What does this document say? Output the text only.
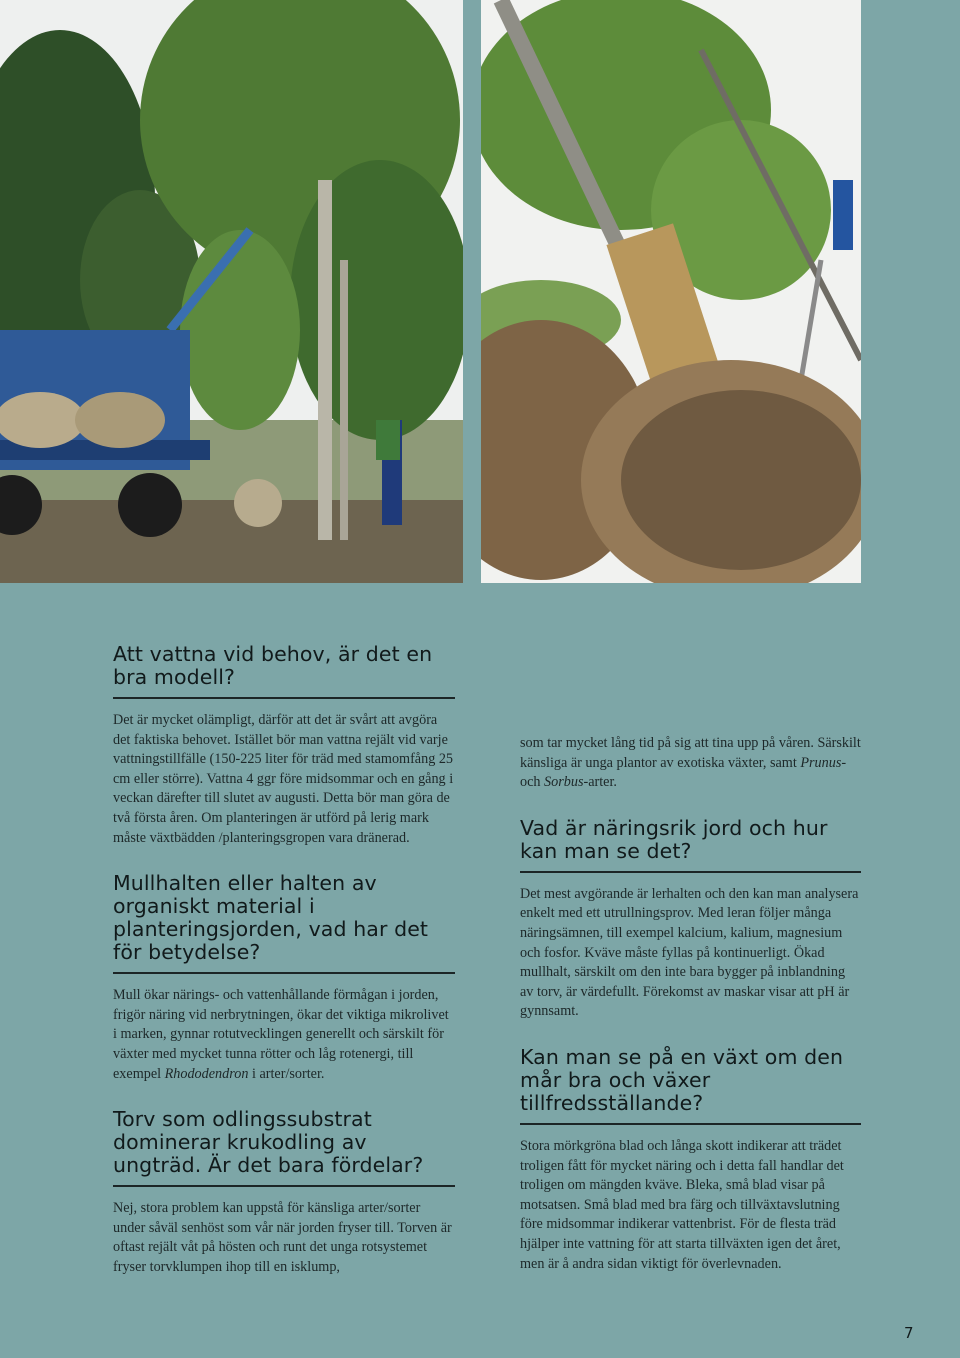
Att vattna vid behov, är det en bra modell?

Det är mycket olämpligt, därför att det är svårt att avgöra det faktiska behovet. Istället bör man vattna rejält vid varje vattningstillfälle (150-225 liter för träd med stamomfång 25 cm eller större). Vattna 4 ggr före midsommar och en gång i veckan därefter till slutet av augusti. Detta bör man göra de två första åren. Om planteringen är utförd på lerig mark måste växtbädden /planteringsgropen vara dränerad.

Mullhalten eller halten av organiskt material i planteringsjorden, vad har det för betydelse?

Mull ökar närings- och vattenhållande förmågan i jorden, frigör näring vid nerbrytningen, ökar det viktiga mikrolivet i marken, gynnar rotutvecklingen generellt och särskilt för växter med mycket tunna rötter och låg rotenergi, till exempel Rhododendron i arter/sorter.

Torv som odlingssubstrat dominerar krukodling av ungträd. Är det bara fördelar?

Nej, stora problem kan uppstå för känsliga arter/sorter under såväl senhöst som vår när jorden fryser till. Torven är oftast rejält våt på hösten och runt det unga rotsystemet fryser torvklumpen ihop till en isklump,

som tar mycket lång tid på sig att tina upp på våren. Särskilt känsliga är unga plantor av exotiska växter, samt Prunus- och Sorbus-arter.

Vad är näringsrik jord och hur kan man se det?

Det mest avgörande är lerhalten och den kan man analysera enkelt med ett utrullningsprov. Med leran följer många näringsämnen, till exempel kalcium, kalium, magnesium och fosfor. Kväve måste fyllas på kontinuerligt. Ökad mullhalt, särskilt om den inte bara bygger på inblandning av torv, är värdefullt. Förekomst av maskar visar att pH är gynnsamt.

Kan man se på en växt om den mår bra och växer tillfredsställande?

Stora mörkgröna blad och långa skott indikerar att trädet troligen fått för mycket näring och i detta fall handlar det troligen om mängden kväve. Bleka, små blad visar på motsatsen. Små blad med bra färg och tillväxtavslutning före midsommar indikerar vattenbrist. För de flesta träd hjälper inte vattning för att starta tillväxten igen det året, men är å andra sidan viktigt för överlevnaden.

7
